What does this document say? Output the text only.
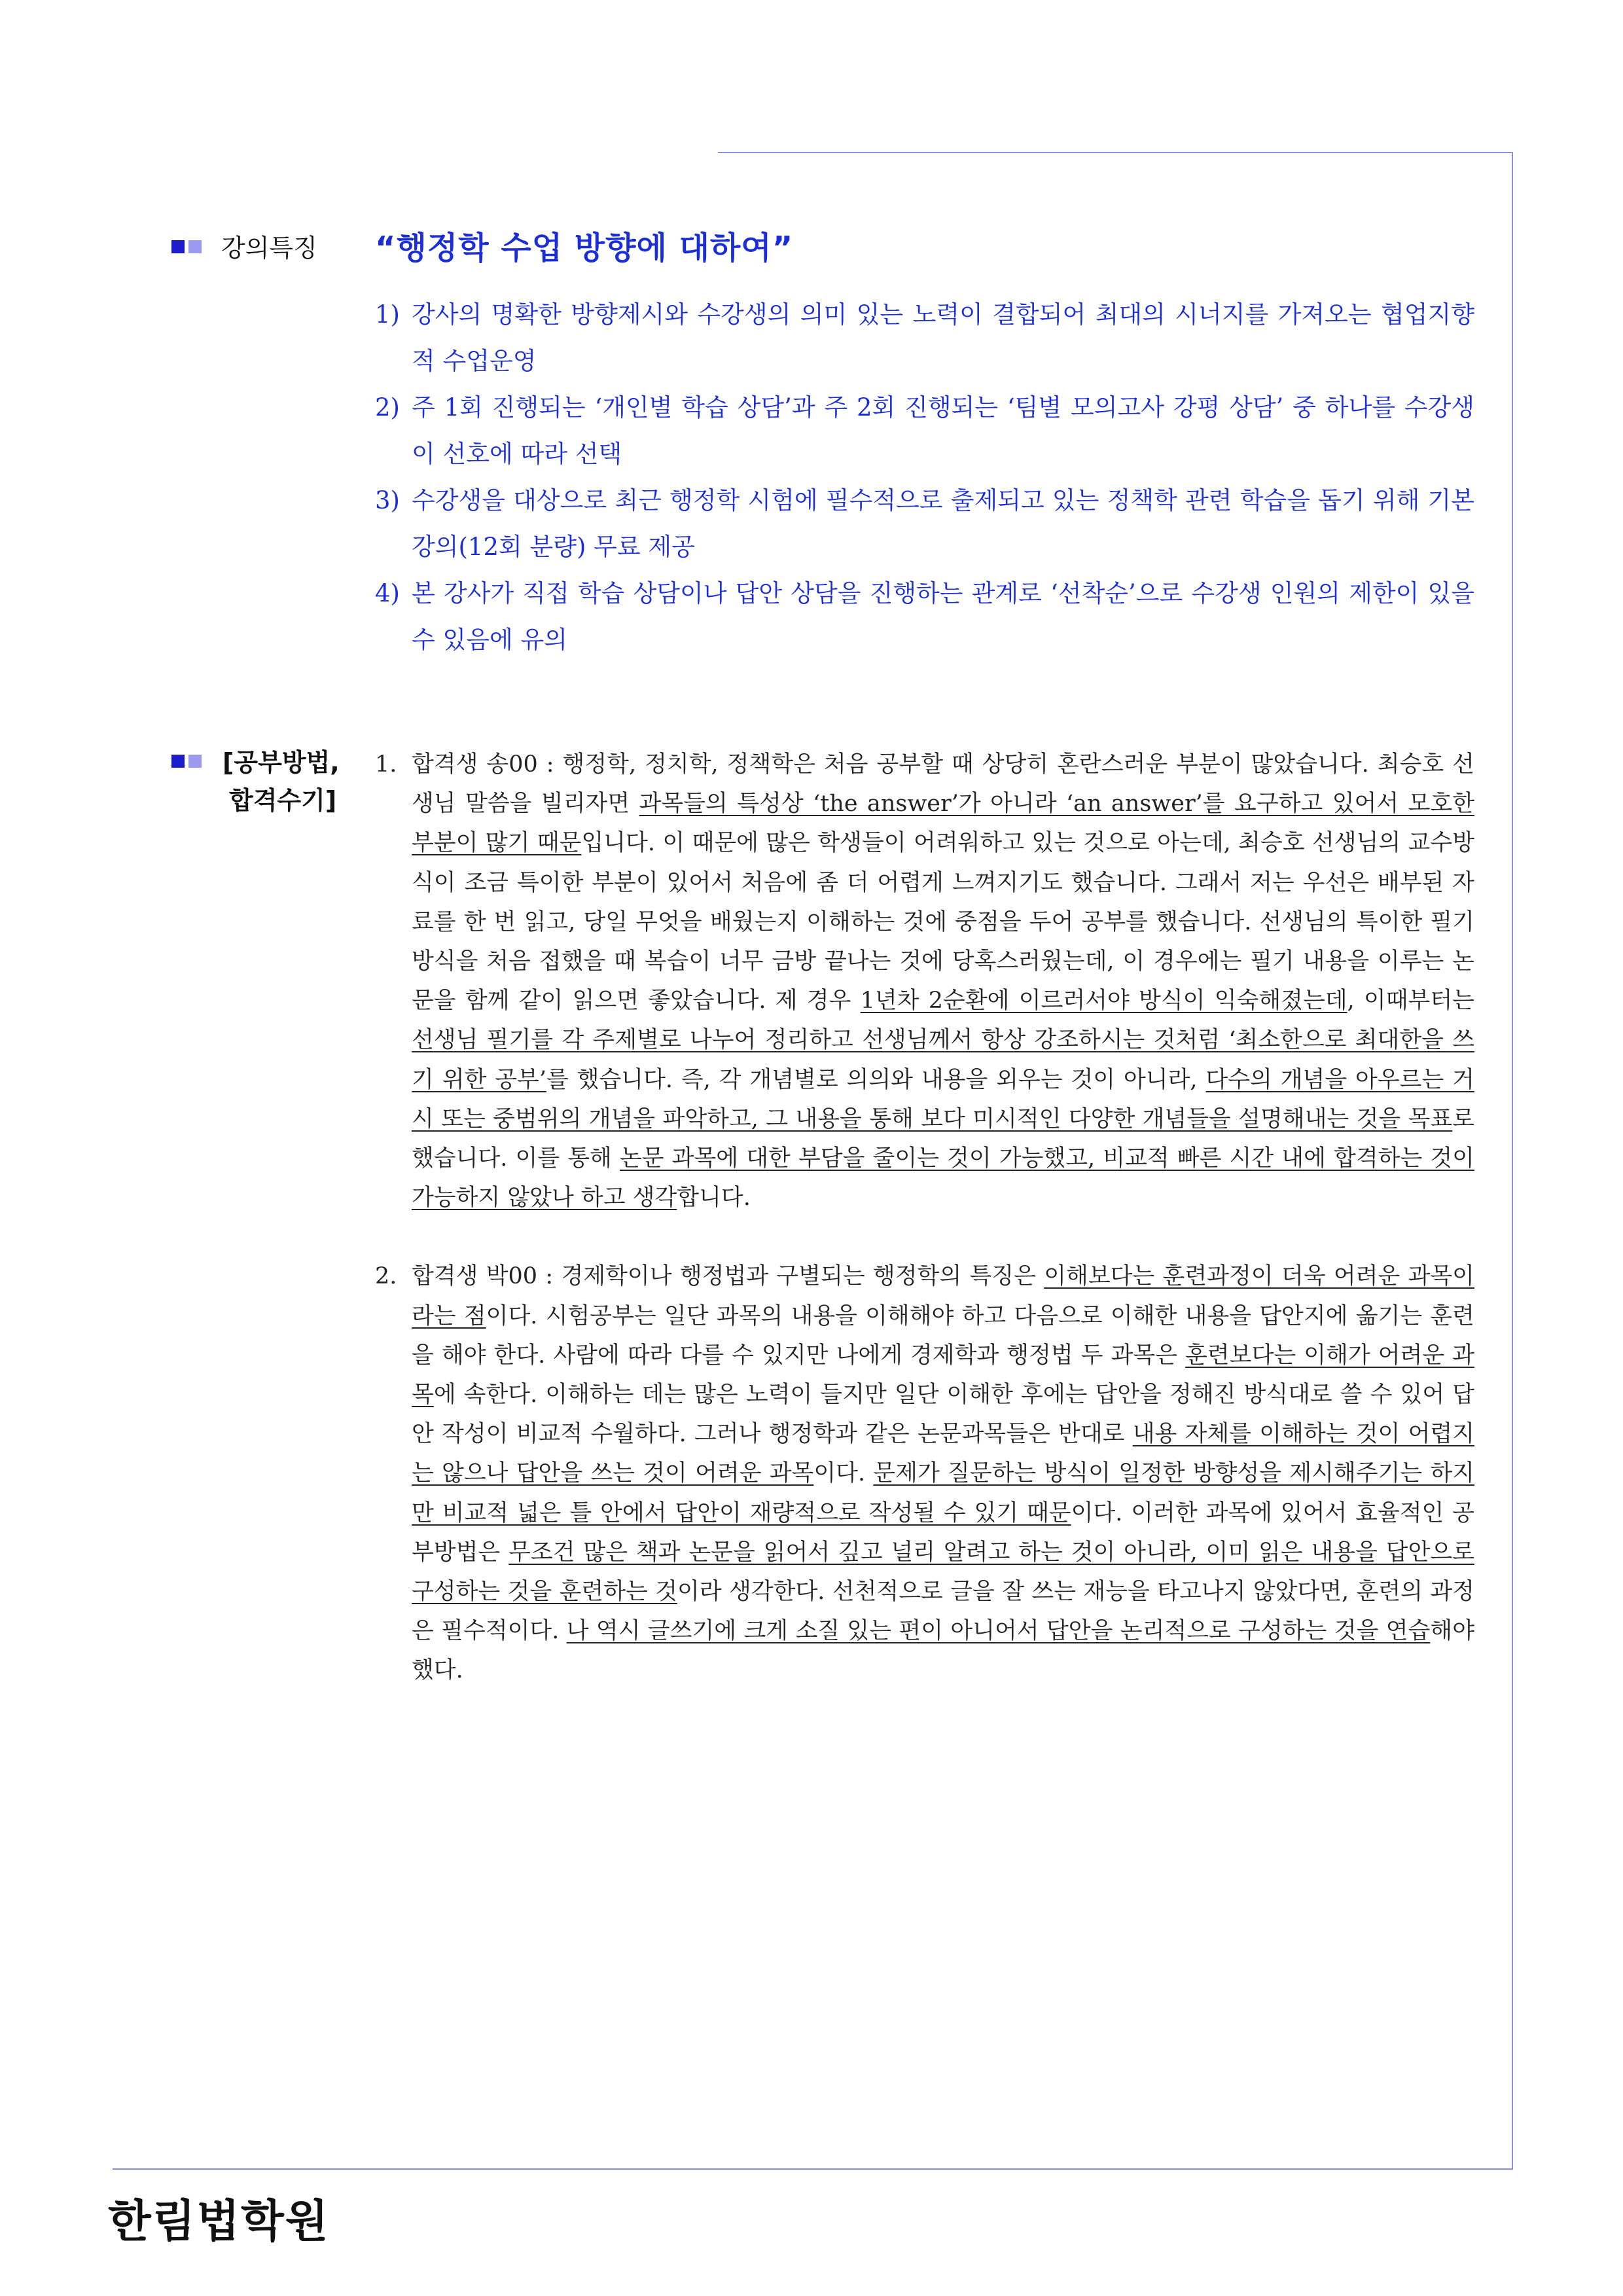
강의특징 “행정학 수업 방향에 대하여”
1) 강사의 명확한 방향제시와 수강생의 의미 있는 노력이 결합되어 최대의 시너지를 가져오는 협업지향적 수업운영
2) 주 1회 진행되는 ‘개인별 학습 상담’과 주 2회 진행되는 ‘팀별 모의고사 강평 상담’ 중 하나를 수강생이 선호에 따라 선택
3) 수강생을 대상으로 최근 행정학 시험에 필수적으로 출제되고 있는 정책학 관련 학습을 돕기 위해 기본 강의(12회 분량) 무료 제공
4) 본 강사가 직접 학습 상담이나 답안 상담을 진행하는 관계로 ‘선착순’으로 수강생 인원의 제한이 있을 수 있음에 유의
[공부방법,
합격수기]
1. 합격생 송00 : 행정학, 정치학, 정책학은 처음 공부할 때 상당히 혼란스러운 부분이 많았습니다. 최승호 선생님 말씀을 빌리자면 과목들의 특성상 ‘the answer’가 아니라 ‘an answer’를 요구하고 있어서 모호한 부분이 많기 때문입니다. 이 때문에 많은 학생들이 어려워하고 있는 것으로 아는데, 최승호 선생님의 교수방식이 조금 특이한 부분이 있어서 처음에 좀 더 어렵게 느껴지기도 했습니다. 그래서 저는 우선은 배부된 자료를 한 번 읽고, 당일 무엇을 배웠는지 이해하는 것에 중점을 두어 공부를 했습니다. 선생님의 특이한 필기 방식을 처음 접했을 때 복습이 너무 금방 끝나는 것에 당혹스러웠는데, 이 경우에는 필기 내용을 이루는 논문을 함께 같이 읽으면 좋았습니다. 제 경우 1년차 2순환에 이르러서야 방식이 익숙해졌는데, 이때부터는 선생님 필기를 각 주제별로 나누어 정리하고 선생님께서 항상 강조하시는 것처럼 ‘최소한으로 최대한을 쓰기 위한 공부’를 했습니다. 즉, 각 개념별로 의의와 내용을 외우는 것이 아니라, 다수의 개념을 아우르는 거시 또는 중범위의 개념을 파악하고, 그 내용을 통해 보다 미시적인 다양한 개념들을 설명해내는 것을 목표로 했습니다. 이를 통해 논문 과목에 대한 부담을 줄이는 것이 가능했고, 비교적 빠른 시간 내에 합격하는 것이 가능하지 않았나 하고 생각합니다.
2. 합격생 박00 : 경제학이나 행정법과 구별되는 행정학의 특징은 이해보다는 훈련과정이 더욱 어려운 과목이라는 점이다. 시험공부는 일단 과목의 내용을 이해해야 하고 다음으로 이해한 내용을 답안지에 옮기는 훈련을 해야 한다. 사람에 따라 다를 수 있지만 나에게 경제학과 행정법 두 과목은 훈련보다는 이해가 어려운 과목에 속한다. 이해하는 데는 많은 노력이 들지만 일단 이해한 후에는 답안을 정해진 방식대로 쓸 수 있어 답안 작성이 비교적 수월하다. 그러나 행정학과 같은 논문과목들은 반대로 내용 자체를 이해하는 것이 어렵지는 않으나 답안을 쓰는 것이 어려운 과목이다. 문제가 질문하는 방식이 일정한 방향성을 제시해주기는 하지만 비교적 넓은 틀 안에서 답안이 재량적으로 작성될 수 있기 때문이다. 이러한 과목에 있어서 효율적인 공부방법은 무조건 많은 책과 논문을 읽어서 깊고 널리 알려고 하는 것이 아니라, 이미 읽은 내용을 답안으로 구성하는 것을 훈련하는 것이라 생각한다. 선천적으로 글을 잘 쓰는 재능을 타고나지 않았다면, 훈련의 과정은 필수적이다. 나 역시 글쓰기에 크게 소질 있는 편이 아니어서 답안을 논리적으로 구성하는 것을 연습해야 했다.
한림법학원
